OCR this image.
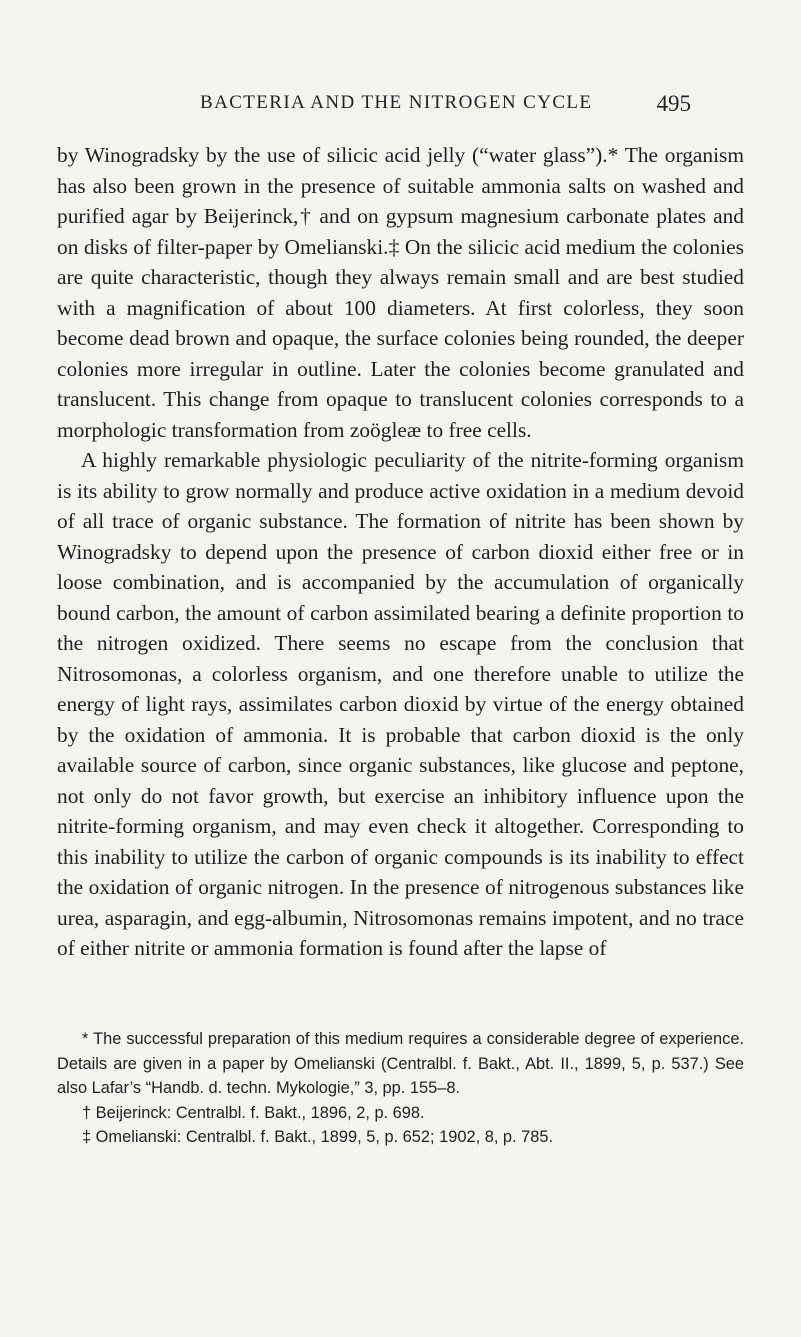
BACTERIA AND THE NITROGEN CYCLE	495

by Winogradsky by the use of silicic acid jelly (“water glass”).* The organism has also been grown in the presence of suitable ammonia salts on washed and purified agar by Beijerinck,† and on gypsum magnesium carbonate plates and on disks of filter-paper by Omelianski.‡ On the silicic acid medium the colonies are quite characteristic, though they always remain small and are best studied with a magnification of about 100 diameters. At first colorless, they soon become dead brown and opaque, the surface colonies being rounded, the deeper colonies more irregular in outline. Later the colonies become granulated and translucent. This change from opaque to translucent colonies corresponds to a morphologic transformation from zoögleæ to free cells.

A highly remarkable physiologic peculiarity of the nitrite-forming organism is its ability to grow normally and produce active oxidation in a medium devoid of all trace of organic substance. The formation of nitrite has been shown by Winogradsky to depend upon the presence of carbon dioxid either free or in loose combination, and is accompanied by the accumulation of organically bound carbon, the amount of carbon assimilated bearing a definite proportion to the nitrogen oxidized. There seems no escape from the conclusion that Nitrosomonas, a colorless organism, and one therefore unable to utilize the energy of light rays, assimilates carbon dioxid by virtue of the energy obtained by the oxidation of ammonia. It is probable that carbon dioxid is the only available source of carbon, since organic substances, like glucose and peptone, not only do not favor growth, but exercise an inhibitory influence upon the nitrite-forming organism, and may even check it altogether. Corresponding to this inability to utilize the carbon of organic compounds is its inability to effect the oxidation of organic nitrogen. In the presence of nitrogenous substances like urea, asparagin, and egg-albumin, Nitrosomonas remains impotent, and no trace of either nitrite or ammonia formation is found after the lapse of

* The successful preparation of this medium requires a considerable degree of experience. Details are given in a paper by Omelianski (Centralbl. f. Bakt., Abt. II., 1899, 5, p. 537.) See also Lafar’s “Handb. d. techn. Mykologie,” 3, pp. 155–8.

† Beijerinck: Centralbl. f. Bakt., 1896, 2, p. 698.

‡ Omelianski: Centralbl. f. Bakt., 1899, 5, p. 652; 1902, 8, p. 785.
